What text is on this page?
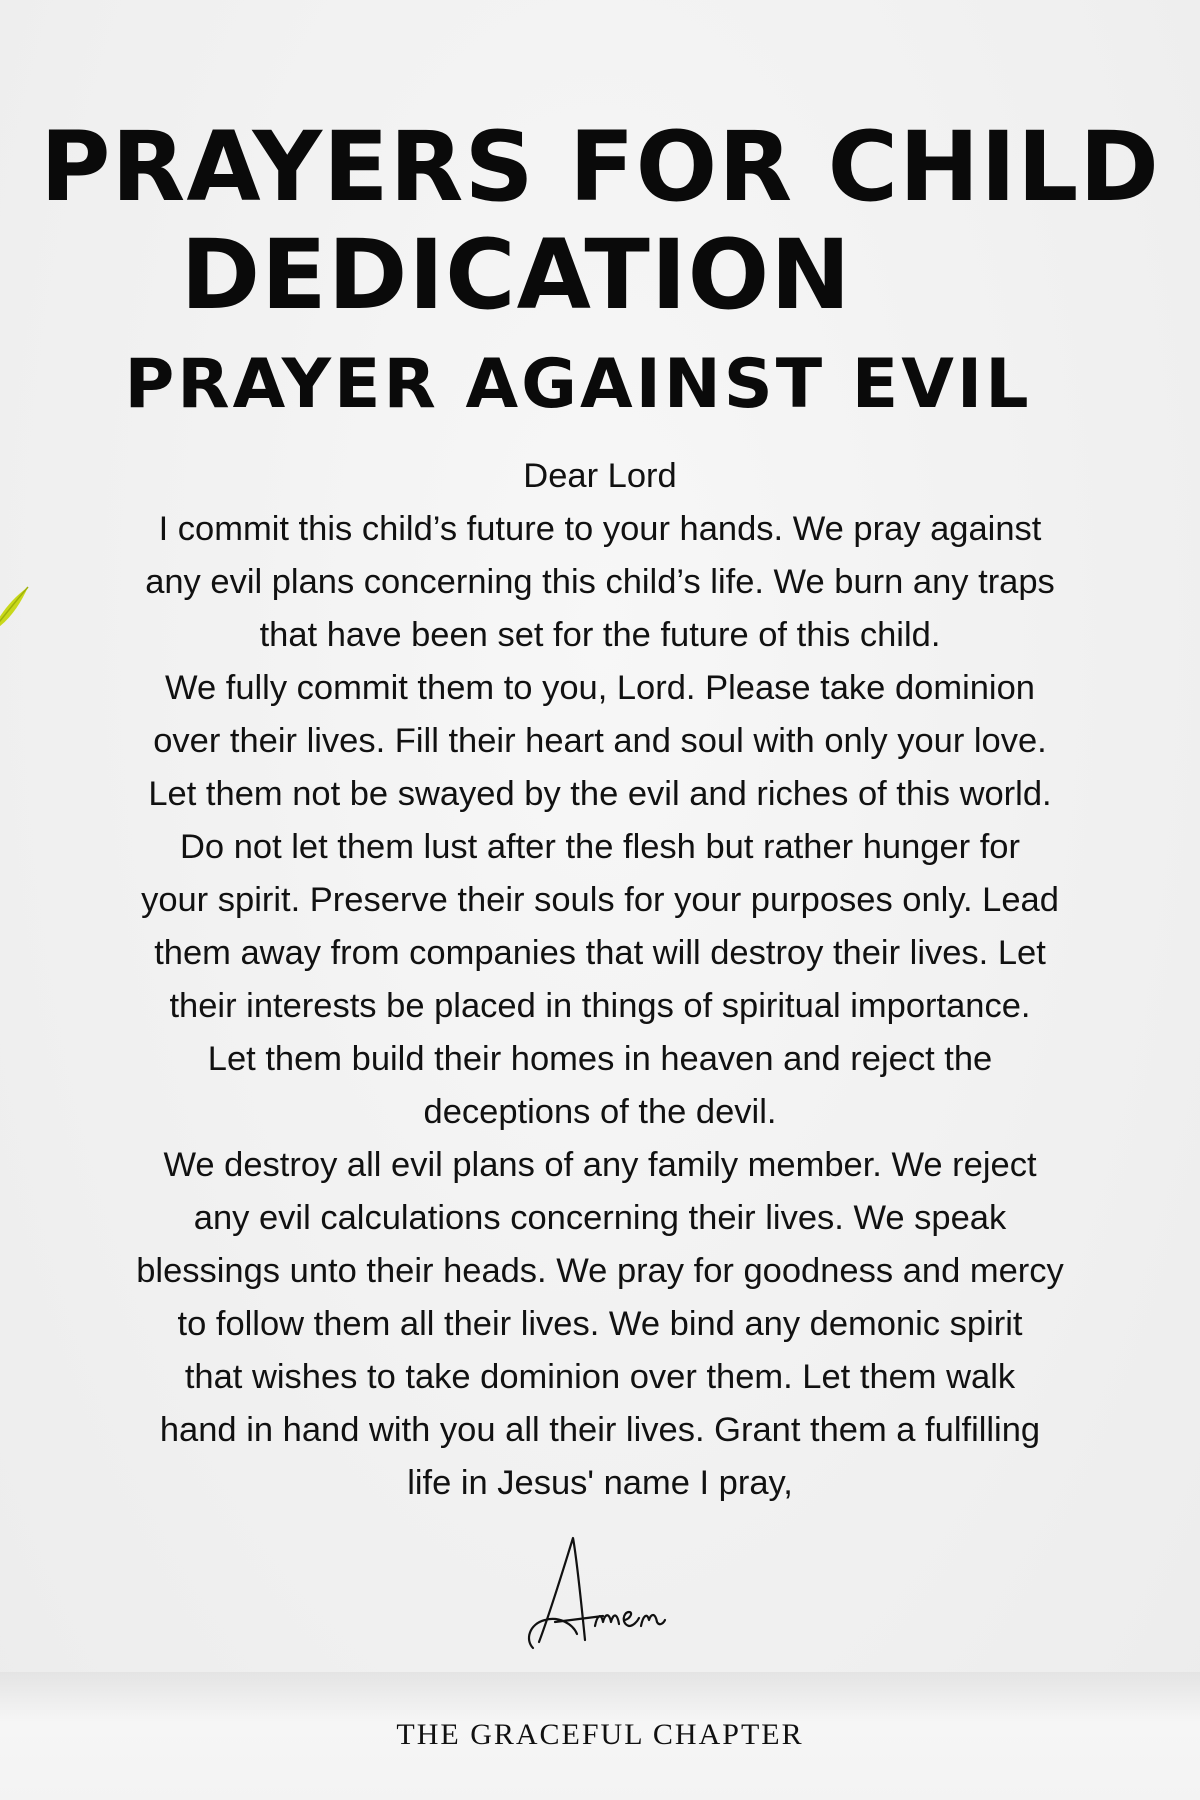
PRAYERS FOR CHILD
DEDICATION
PRAYER AGAINST EVIL

Dear Lord

I commit this child’s future to your hands. We pray against

any evil plans concerning this child’s life. We burn any traps

that have been set for the future of this child.

We fully commit them to you, Lord. Please take dominion

over their lives. Fill their heart and soul with only your love.

Let them not be swayed by the evil and riches of this world.

Do not let them lust after the flesh but rather hunger for

your spirit. Preserve their souls for your purposes only. Lead

them away from companies that will destroy their lives. Let

their interests be placed in things of spiritual importance.

Let them build their homes in heaven and reject the

deceptions of the devil.

We destroy all evil plans of any family member. We reject

any evil calculations concerning their lives. We speak

blessings unto their heads. We pray for goodness and mercy

to follow them all their lives. We bind any demonic spirit

that wishes to take dominion over them. Let them walk

hand in hand with you all their lives. Grant them a fulfilling

life in Jesus' name I pray,

THE GRACEFUL CHAPTER
